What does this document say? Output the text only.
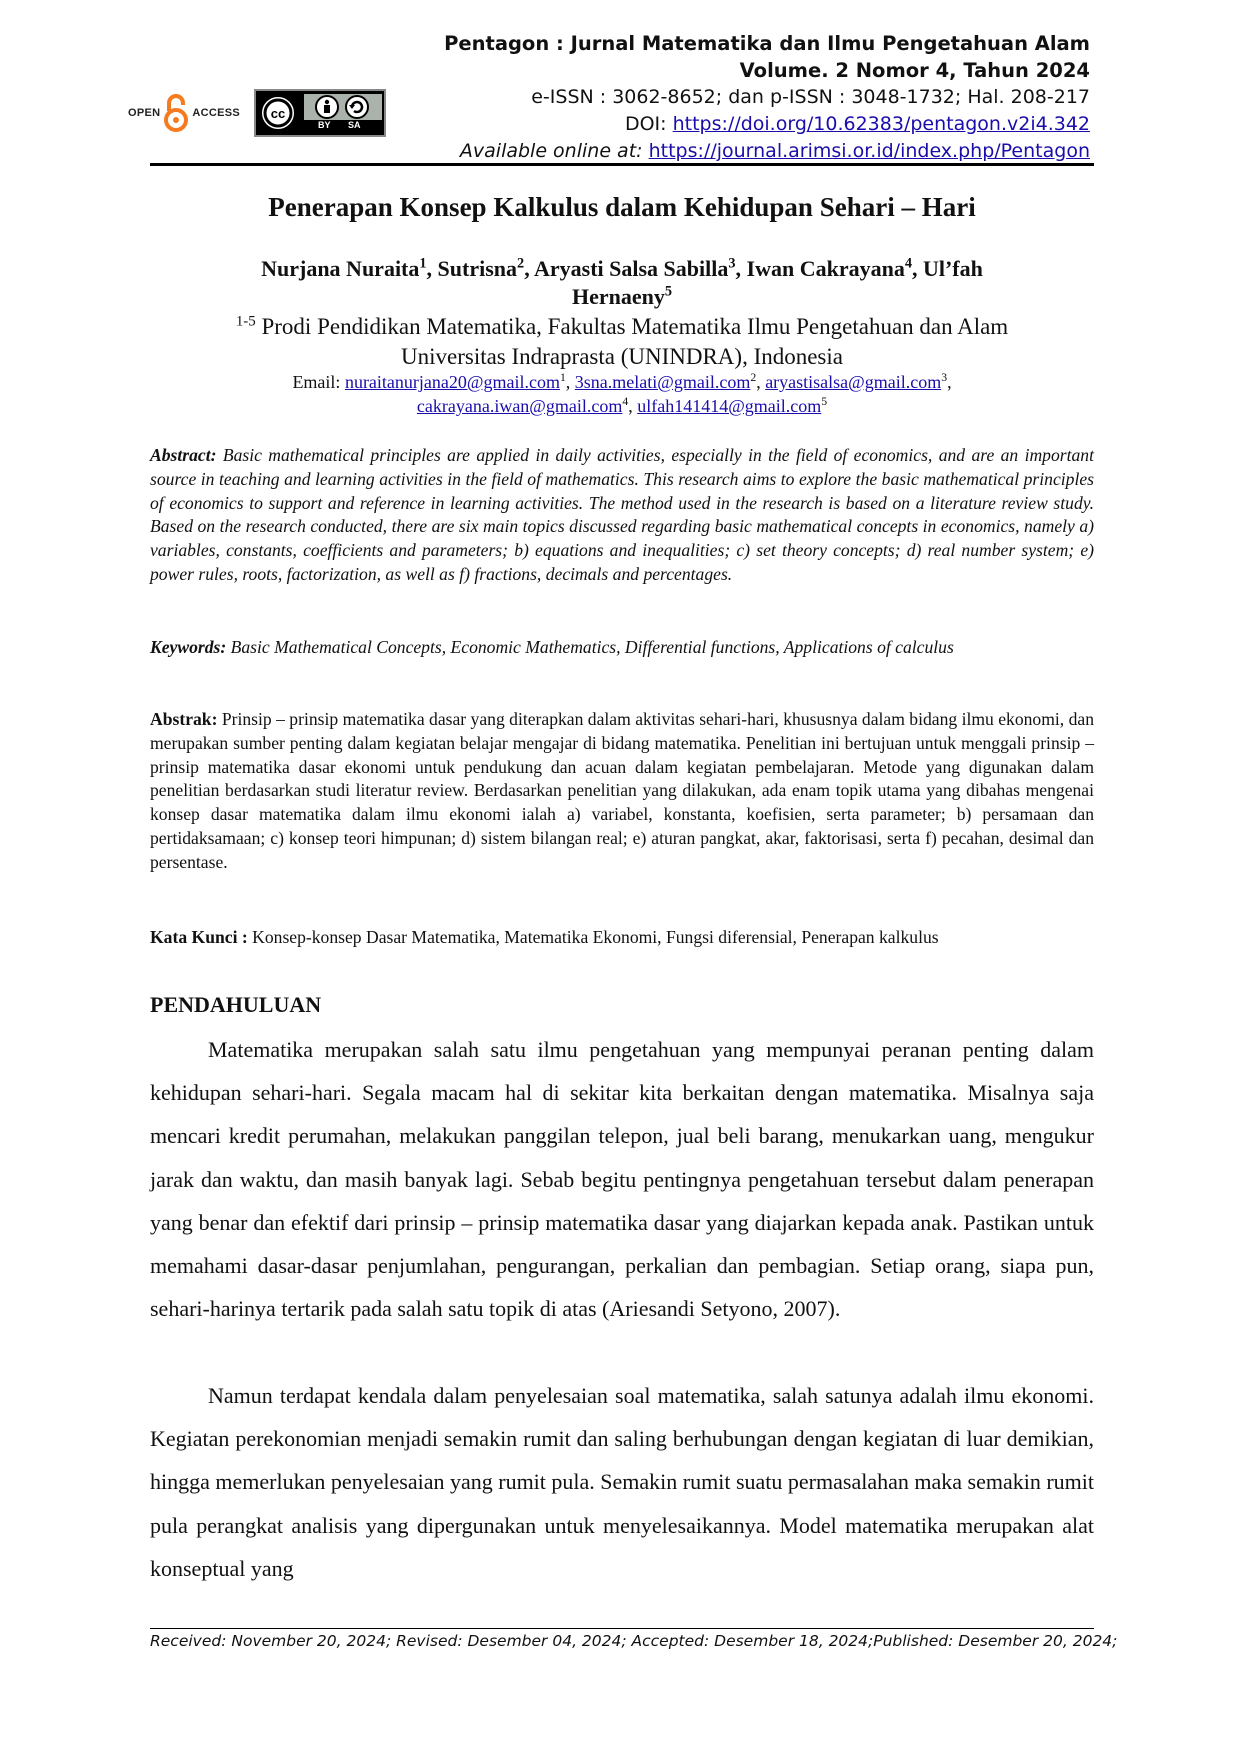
OPEN	ACCESS cc
BY SA
Pentagon : Jurnal Matematika dan Ilmu Pengetahuan Alam
Volume. 2 Nomor 4, Tahun 2024
e-ISSN : 3062-8652; dan p-ISSN : 3048-1732; Hal. 208-217
DOI: https://doi.org/10.62383/pentagon.v2i4.342
Available online at: https://journal.arimsi.or.id/index.php/Pentagon
Penerapan Konsep Kalkulus dalam Kehidupan Sehari – Hari
Nurjana Nuraita$^1$, Sutrisna$^2$, Aryasti Salsa Sabilla$^3$, Iwan Cakrayana$^4$, Ul’fah
Hernaeny$^5$
$^{1-5}$ Prodi Pendidikan Matematika, Fakultas Matematika Ilmu Pengetahuan dan Alam
Universitas Indraprasta (UNINDRA), Indonesia
Email: nuraitanurjana20@gmail.com$^1$, 3sna.melati@gmail.com$^2$, aryastisalsa@gmail.com$^3$,
cakrayana.iwan@gmail.com$^4$, ulfah141414@gmail.com$^5$
Abstract: Basic mathematical principles are applied in daily activities, especially in the field of economics, and are an important source in teaching and learning activities in the field of mathematics. This research aims to explore the basic mathematical principles of economics to support and reference in learning activities. The method used in the research is based on a literature review study. Based on the research conducted, there are six main topics discussed regarding basic mathematical concepts in economics, namely a) variables, constants, coefficients and parameters; b) equations and inequalities; c) set theory concepts; d) real number system; e) power rules, roots, factorization, as well as f) fractions, decimals and percentages.
Keywords: Basic Mathematical Concepts, Economic Mathematics, Differential functions, Applications of calculus
Abstrak: Prinsip – prinsip matematika dasar yang diterapkan dalam aktivitas sehari-hari, khususnya dalam bidang ilmu ekonomi, dan merupakan sumber penting dalam kegiatan belajar mengajar di bidang matematika. Penelitian ini bertujuan untuk menggali prinsip – prinsip matematika dasar ekonomi untuk pendukung dan acuan dalam kegiatan pembelajaran. Metode yang digunakan dalam penelitian berdasarkan studi literatur review. Berdasarkan penelitian yang dilakukan, ada enam topik utama yang dibahas mengenai konsep dasar matematika dalam ilmu ekonomi ialah a) variabel, konstanta, koefisien, serta parameter; b) persamaan dan pertidaksamaan; c) konsep teori himpunan; d) sistem bilangan real; e) aturan pangkat, akar, faktorisasi, serta f) pecahan, desimal dan persentase.
Kata Kunci : Konsep-konsep Dasar Matematika, Matematika Ekonomi, Fungsi diferensial, Penerapan kalkulus
PENDAHULUAN

Matematika merupakan salah satu ilmu pengetahuan yang mempunyai peranan penting dalam kehidupan sehari-hari. Segala macam hal di sekitar kita berkaitan dengan matematika. Misalnya saja mencari kredit perumahan, melakukan panggilan telepon, jual beli barang, menukarkan uang, mengukur jarak dan waktu, dan masih banyak lagi. Sebab begitu pentingnya pengetahuan tersebut dalam penerapan yang benar dan efektif dari prinsip – prinsip matematika dasar yang diajarkan kepada anak. Pastikan untuk memahami dasar-dasar penjumlahan, pengurangan, perkalian dan pembagian. Setiap orang, siapa pun, sehari-harinya tertarik pada salah satu topik di atas (Ariesandi Setyono, 2007).

Namun terdapat kendala dalam penyelesaian soal matematika, salah satunya adalah ilmu ekonomi. Kegiatan perekonomian menjadi semakin rumit dan saling berhubungan dengan kegiatan di luar demikian, hingga memerlukan penyelesaian yang rumit pula. Semakin rumit suatu permasalahan maka semakin rumit pula perangkat analisis yang dipergunakan untuk menyelesaikannya. Model matematika merupakan alat konseptual yang

Received: November 20, 2024; Revised: Desember 04, 2024; Accepted: Desember 18, 2024;Published: Desember 20, 2024;
